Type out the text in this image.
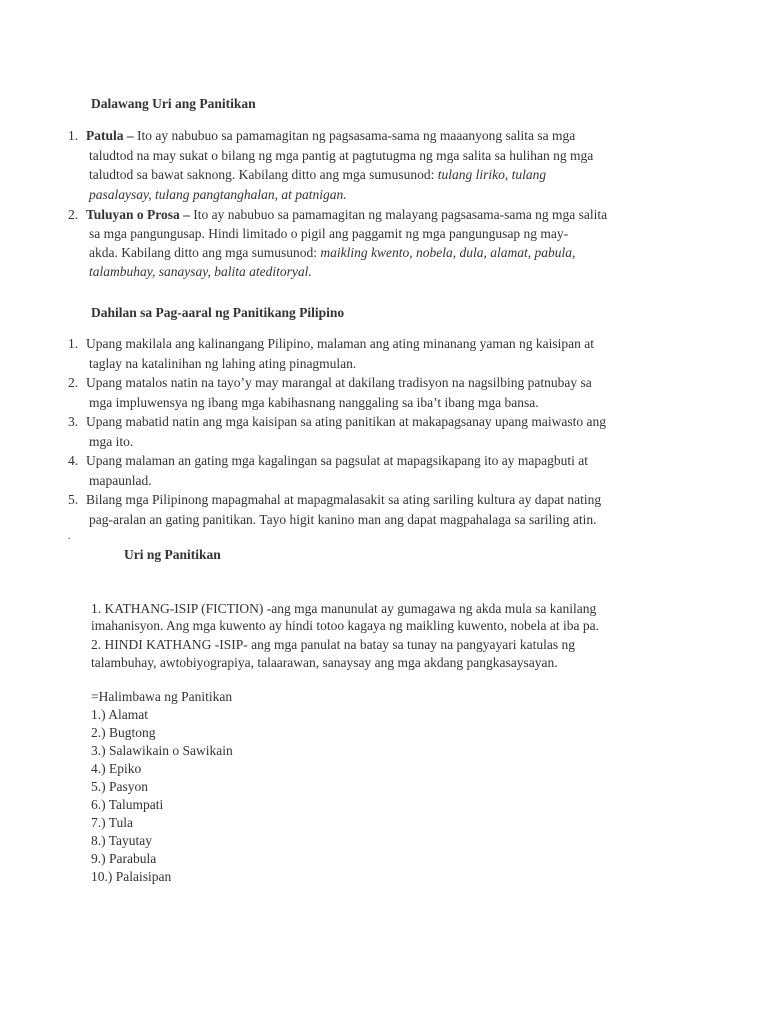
Dalawang Uri ang Panitikan
1. Patula – Ito ay nabubuo sa pamamagitan ng pagsasama-sama ng maaanyong salita sa mga
taludtod na may sukat o bilang ng mga pantig at pagtutugma ng mga salita sa hulihan ng mga
taludtod sa bawat saknong. Kabilang ditto ang mga sumusunod: tulang liriko, tulang
pasalaysay, tulang pangtanghalan, at patnigan.
2. Tuluyan o Prosa – Ito ay nabubuo sa pamamagitan ng malayang pagsasama-sama ng mga salita
sa mga pangungusap. Hindi limitado o pigil ang paggamit ng mga pangungusap ng may-
akda. Kabilang ditto ang mga sumusunod: maikling kwento, nobela, dula, alamat, pabula,
talambuhay, sanaysay, balita ateditoryal.
Dahilan sa Pag-aaral ng Panitikang Pilipino
1. Upang makilala ang kalinangang Pilipino, malaman ang ating minanang yaman ng kaisipan at
taglay na katalinihan ng lahing ating pinagmulan.
2. Upang matalos natin na tayo’y may marangal at dakilang tradisyon na nagsilbing patnubay sa
mga impluwensya ng ibang mga kabihasnang nanggaling sa iba’t ibang mga bansa.
3. Upang mabatid natin ang mga kaisipan sa ating panitikan at makapagsanay upang maiwasto ang
mga ito.
4. Upang malaman an gating mga kagalingan sa pagsulat at mapagsikapang ito ay mapagbuti at
mapaunlad.
5. Bilang mga Pilipinong mapagmahal at mapagmalasakit sa ating sariling kultura ay dapat nating
pag-aralan an gating panitikan. Tayo higit kanino man ang dapat magpahalaga sa sariling atin.
.
Uri ng Panitikan
1. KATHANG-ISIP (FICTION) -ang mga manunulat ay gumagawa ng akda mula sa kanilang
imahanisyon. Ang mga kuwento ay hindi totoo kagaya ng maikling kuwento, nobela at iba pa.
2. HINDI KATHANG -ISIP- ang mga panulat na batay sa tunay na pangyayari katulas ng
talambuhay, awtobiyograpiya, talaarawan, sanaysay ang mga akdang pangkasaysayan.
=Halimbawa ng Panitikan
1.) Alamat
2.) Bugtong
3.) Salawikain o Sawikain
4.) Epiko
5.) Pasyon
6.) Talumpati
7.) Tula
8.) Tayutay
9.) Parabula
10.) Palaisipan
